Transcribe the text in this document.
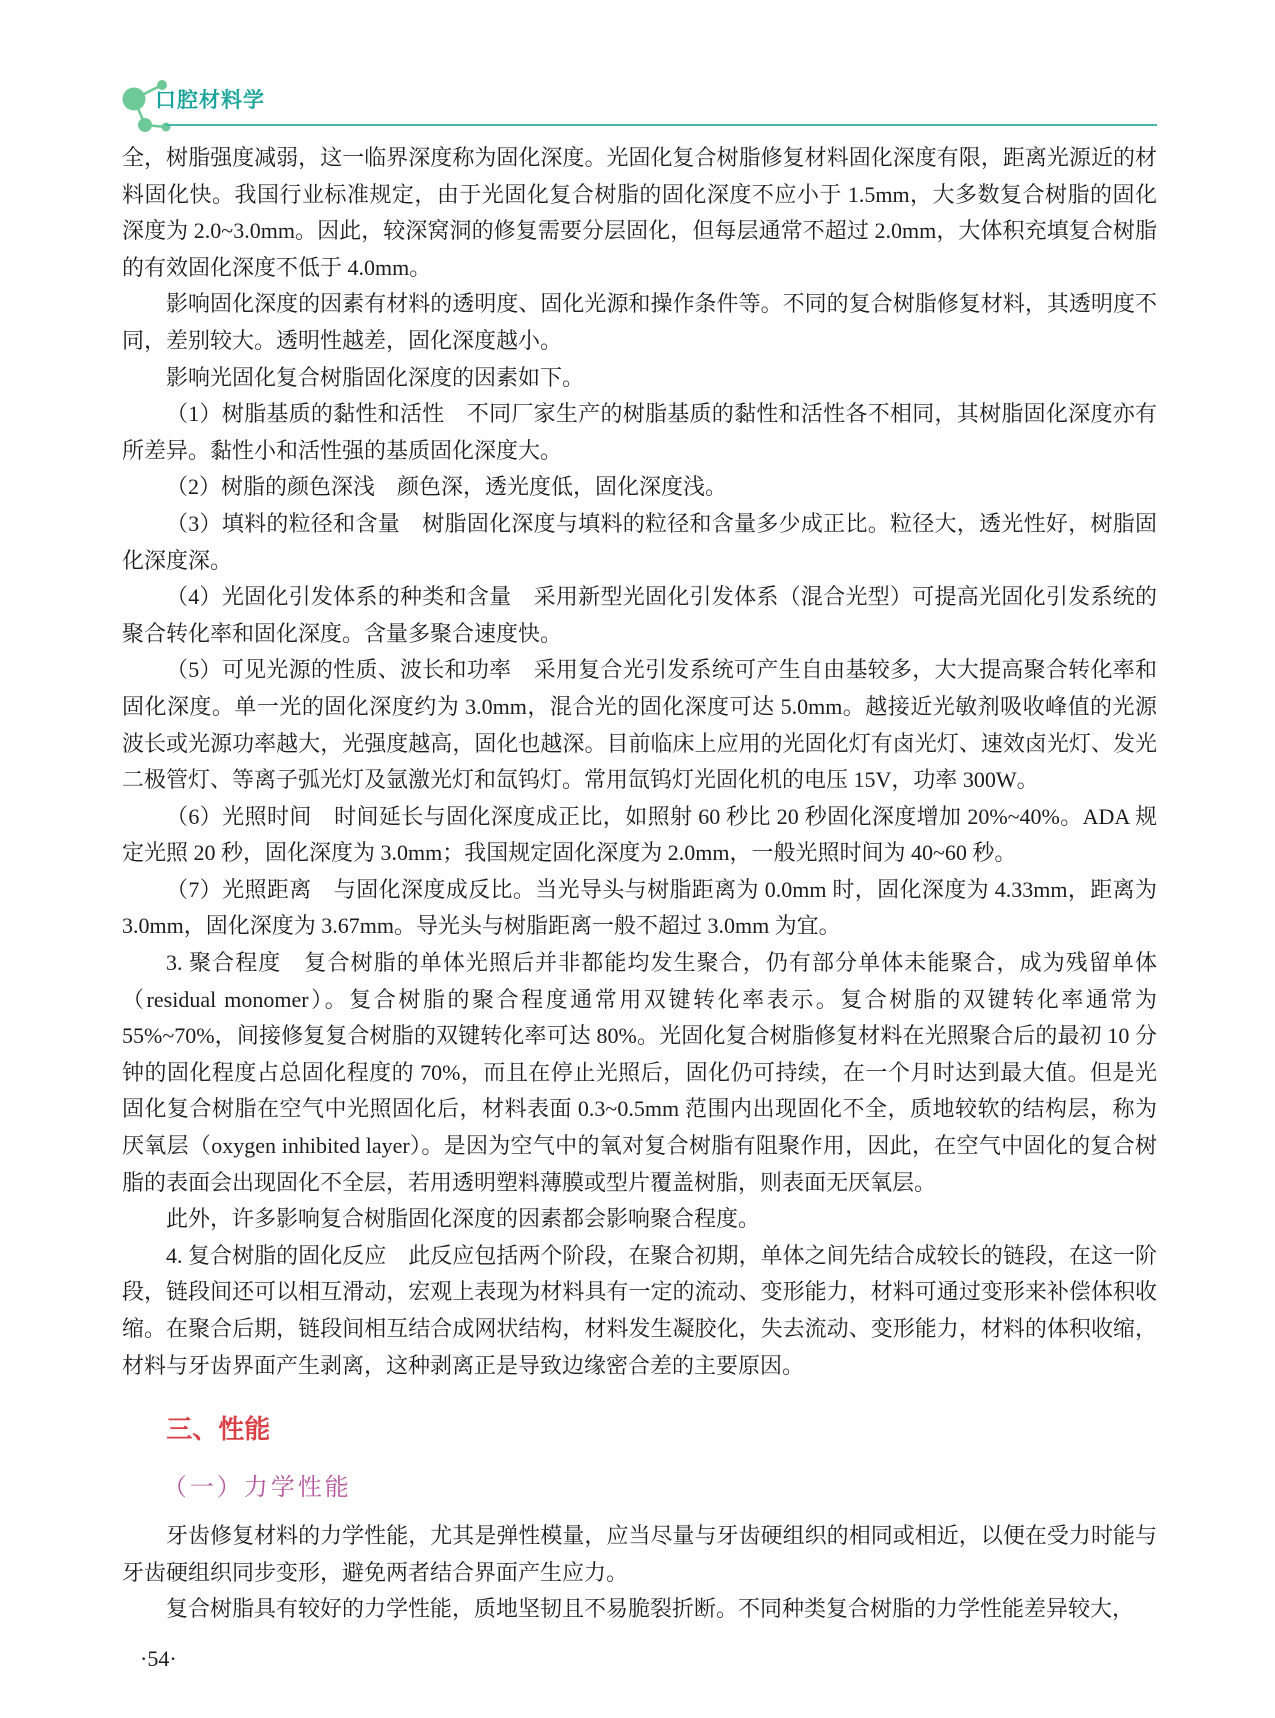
口腔材料学

全，树脂强度减弱，这一临界深度称为固化深度。光固化复合树脂修复材料固化深度有限，距离光源近的材料固化快。我国行业标准规定，由于光固化复合树脂的固化深度不应小于 1.5mm，大多数复合树脂的固化深度为 2.0~3.0mm。因此，较深窝洞的修复需要分层固化，但每层通常不超过 2.0mm，大体积充填复合树脂的有效固化深度不低于 4.0mm。

影响固化深度的因素有材料的透明度、固化光源和操作条件等。不同的复合树脂修复材料，其透明度不同，差别较大。透明性越差，固化深度越小。

影响光固化复合树脂固化深度的因素如下。

（1）树脂基质的黏性和活性　不同厂家生产的树脂基质的黏性和活性各不相同，其树脂固化深度亦有所差异。黏性小和活性强的基质固化深度大。

（2）树脂的颜色深浅　颜色深，透光度低，固化深度浅。

（3）填料的粒径和含量　树脂固化深度与填料的粒径和含量多少成正比。粒径大，透光性好，树脂固化深度深。

（4）光固化引发体系的种类和含量　采用新型光固化引发体系（混合光型）可提高光固化引发系统的聚合转化率和固化深度。含量多聚合速度快。

（5）可见光源的性质、波长和功率　采用复合光引发系统可产生自由基较多，大大提高聚合转化率和固化深度。单一光的固化深度约为 3.0mm，混合光的固化深度可达 5.0mm。越接近光敏剂吸收峰值的光源波长或光源功率越大，光强度越高，固化也越深。目前临床上应用的光固化灯有卤光灯、速效卤光灯、发光二极管灯、等离子弧光灯及氩激光灯和氙钨灯。常用氙钨灯光固化机的电压 15V，功率 300W。

（6）光照时间　时间延长与固化深度成正比，如照射 60 秒比 20 秒固化深度增加 20%~40%。ADA 规定光照 20 秒，固化深度为 3.0mm；我国规定固化深度为 2.0mm，一般光照时间为 40~60 秒。

（7）光照距离　与固化深度成反比。当光导头与树脂距离为 0.0mm 时，固化深度为 4.33mm，距离为 3.0mm，固化深度为 3.67mm。导光头与树脂距离一般不超过 3.0mm 为宜。

3. 聚合程度　复合树脂的单体光照后并非都能均发生聚合，仍有部分单体未能聚合，成为残留单体（residual monomer）。复合树脂的聚合程度通常用双键转化率表示。复合树脂的双键转化率通常为 55%~70%，间接修复复合树脂的双键转化率可达 80%。光固化复合树脂修复材料在光照聚合后的最初 10 分钟的固化程度占总固化程度的 70%，而且在停止光照后，固化仍可持续，在一个月时达到最大值。但是光固化复合树脂在空气中光照固化后，材料表面 0.3~0.5mm 范围内出现固化不全，质地较软的结构层，称为厌氧层（oxygen inhibited layer）。是因为空气中的氧对复合树脂有阻聚作用，因此，在空气中固化的复合树脂的表面会出现固化不全层，若用透明塑料薄膜或型片覆盖树脂，则表面无厌氧层。

此外，许多影响复合树脂固化深度的因素都会影响聚合程度。

4. 复合树脂的固化反应　此反应包括两个阶段，在聚合初期，单体之间先结合成较长的链段，在这一阶段，链段间还可以相互滑动，宏观上表现为材料具有一定的流动、变形能力，材料可通过变形来补偿体积收缩。在聚合后期，链段间相互结合成网状结构，材料发生凝胶化，失去流动、变形能力，材料的体积收缩，材料与牙齿界面产生剥离，这种剥离正是导致边缘密合差的主要原因。

三、性能
（一）力学性能

牙齿修复材料的力学性能，尤其是弹性模量，应当尽量与牙齿硬组织的相同或相近，以便在受力时能与牙齿硬组织同步变形，避免两者结合界面产生应力。

复合树脂具有较好的力学性能，质地坚韧且不易脆裂折断。不同种类复合树脂的力学性能差异较大，

·54·
